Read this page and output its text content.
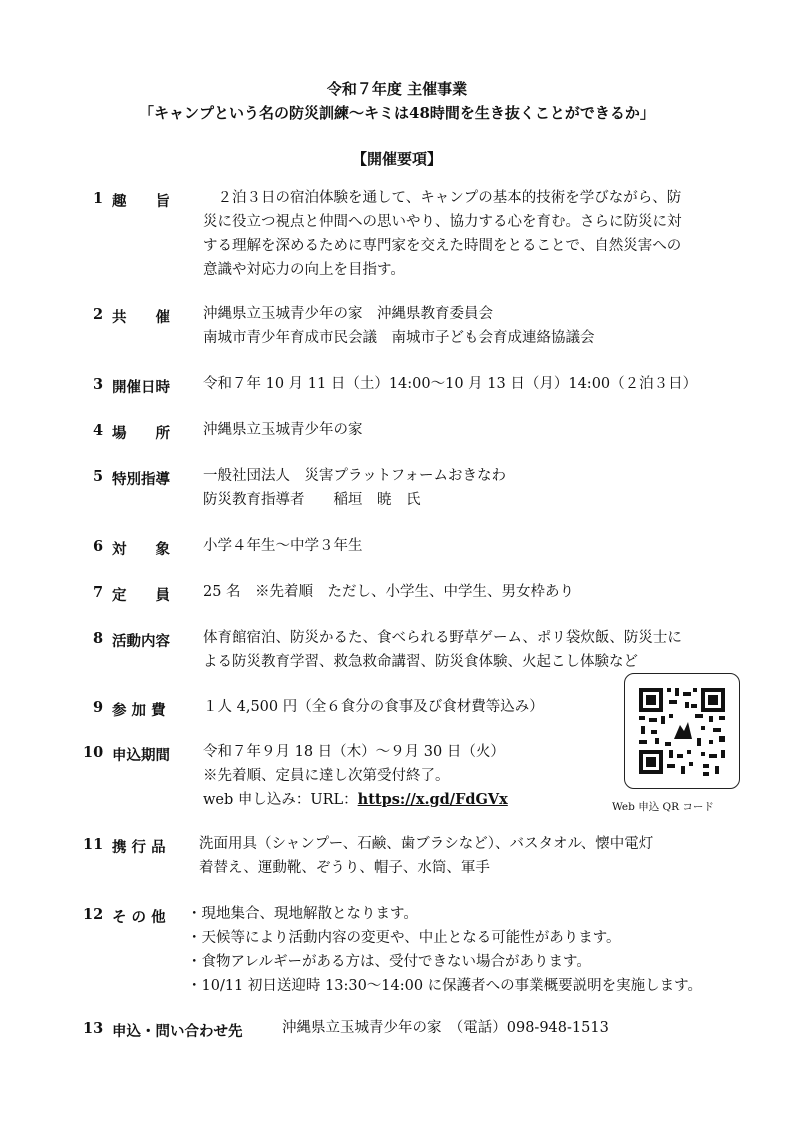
令和７年度 主催事業
「キャンプという名の防災訓練～キミは48時間を生き抜くことができるか」
【開催要項】
1 趣　　旨 　２泊３日の宿泊体験を通して、キャンプの基本的技術を学びながら、防
災に役立つ視点と仲間への思いやり、協力する心を育む。さらに防災に対
する理解を深めるために専門家を交えた時間をとることで、自然災害への
意識や対応力の向上を目指す。
2 共　　催 沖縄県立玉城青少年の家　沖縄県教育委員会
南城市青少年育成市民会議　南城市子ども会育成連絡協議会
3 開催日時 令和７年 10 月 11 日（土）14:00～10 月 13 日（月）14:00（２泊３日）
4 場　　所 沖縄県立玉城青少年の家
5 特別指導 一般社団法人　災害プラットフォームおきなわ
防災教育指導者　　稲垣　暁　氏
6 対　　象 小学４年生～中学３年生
7 定　　員 25 名　※先着順　ただし、小学生、中学生、男女枠あり
8 活動内容 体育館宿泊、防災かるた、食べられる野草ゲーム、ポリ袋炊飯、防災士に
よる防災教育学習、救急救命講習、防災食体験、火起こし体験など
9 参 加 費	１人 4,500 円（全６食分の食事及び食材費等込み）
10 申込期間 令和７年９月 18 日（木）～９月 30 日（火）
※先着順、定員に達し次第受付終了。
web 申し込み：URL：https://x.gd/FdGVx	Web 申込 QR コード
11 携 行 品 洗面用具（シャンプー、石鹸、歯ブラシなど）、バスタオル、懐中電灯
着替え、運動靴、ぞうり、帽子、水筒、軍手
12 そ の 他 ・現地集合、現地解散となります。
・天候等により活動内容の変更や、中止となる可能性があります。
・食物アレルギーがある方は、受付できない場合があります。
・10/11 初日送迎時 13:30～14:00 に保護者への事業概要説明を実施します。
13 申込・問い合わせ先	沖縄県立玉城青少年の家　（電話）098-948-1513
